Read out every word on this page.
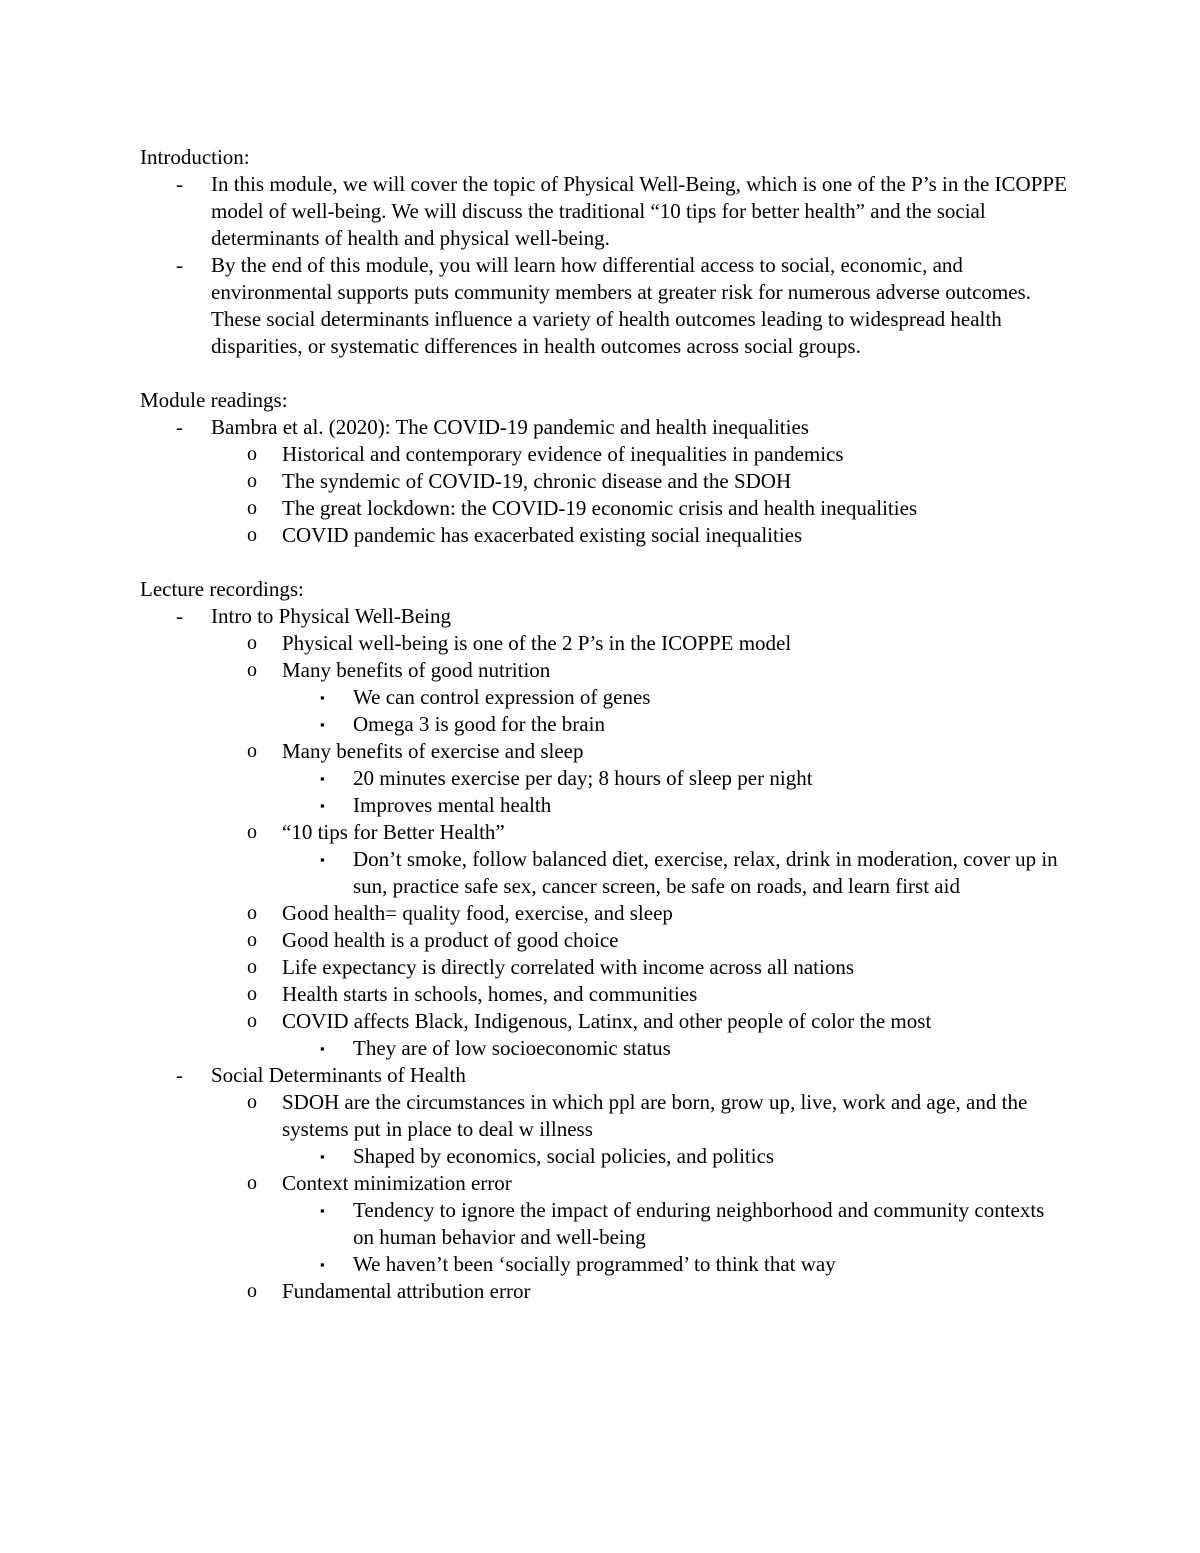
Introduction:
- In this module, we will cover the topic of Physical Well-Being, which is one of the P’s in the ICOPPE model of well-being. We will discuss the traditional “10 tips for better health” and the social determinants of health and physical well-being.
- By the end of this module, you will learn how differential access to social, economic, and environmental supports puts community members at greater risk for numerous adverse outcomes. These social determinants influence a variety of health outcomes leading to widespread health disparities, or systematic differences in health outcomes across social groups.
Module readings:
- Bambra et al. (2020): The COVID-19 pandemic and health inequalities
o Historical and contemporary evidence of inequalities in pandemics
o The syndemic of COVID-19, chronic disease and the SDOH
o The great lockdown: the COVID-19 economic crisis and health inequalities
o COVID pandemic has exacerbated existing social inequalities
Lecture recordings:
- Intro to Physical Well-Being
o Physical well-being is one of the 2 P’s in the ICOPPE model
o Many benefits of good nutrition
▪ We can control expression of genes
▪ Omega 3 is good for the brain
o Many benefits of exercise and sleep
▪ 20 minutes exercise per day; 8 hours of sleep per night
▪ Improves mental health
o “10 tips for Better Health”
▪ Don’t smoke, follow balanced diet, exercise, relax, drink in moderation, cover up in sun, practice safe sex, cancer screen, be safe on roads, and learn first aid
o Good health= quality food, exercise, and sleep
o Good health is a product of good choice
o Life expectancy is directly correlated with income across all nations
o Health starts in schools, homes, and communities
o COVID affects Black, Indigenous, Latinx, and other people of color the most
▪ They are of low socioeconomic status
- Social Determinants of Health
o SDOH are the circumstances in which ppl are born, grow up, live, work and age, and the systems put in place to deal w illness
▪ Shaped by economics, social policies, and politics
o Context minimization error
▪ Tendency to ignore the impact of enduring neighborhood and community contexts on human behavior and well-being
▪ We haven’t been ‘socially programmed’ to think that way
o Fundamental attribution error
